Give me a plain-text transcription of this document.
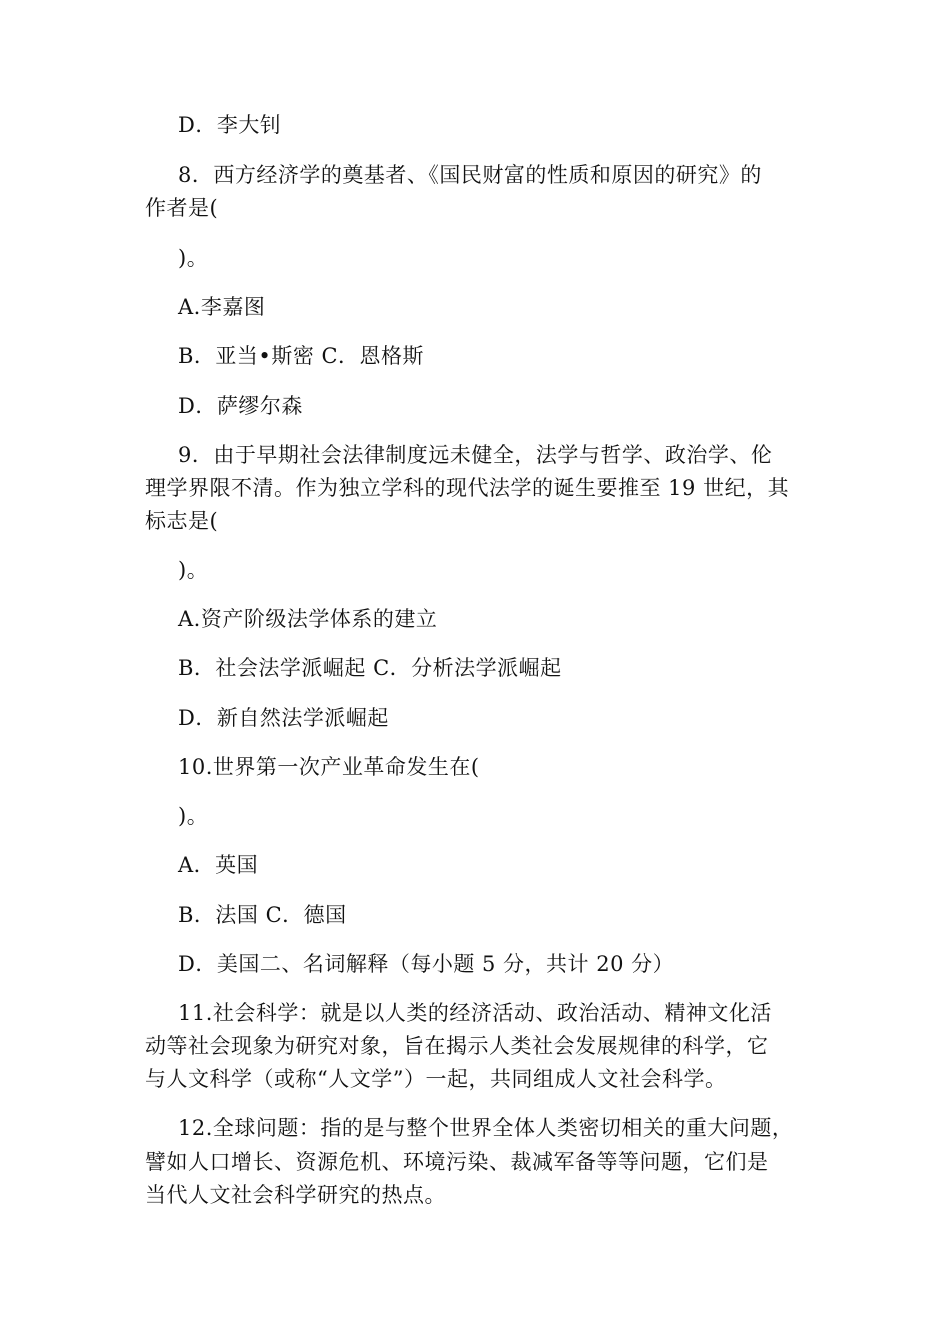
D．李大钊
8．西方经济学的奠基者、《国民财富的性质和原因的研究》的
作者是(
)。
A.李嘉图
B．亚当•斯密 C．恩格斯
D．萨缪尔森
9．由于早期社会法律制度远未健全，法学与哲学、政治学、伦
理学界限不清。作为独立学科的现代法学的诞生要推至 19 世纪，其
标志是(
)。
A.资产阶级法学体系的建立
B．社会法学派崛起 C．分析法学派崛起
D．新自然法学派崛起
10.世界第一次产业革命发生在(
)。
A．英国
B．法国 C．德国
D．美国二、名词解释（每小题 5 分，共计 20 分）
11.社会科学：就是以人类的经济活动、政治活动、精神文化活
动等社会现象为研究对象，旨在揭示人类社会发展规律的科学，它
与人文科学（或称“人文学”）一起，共同组成人文社会科学。
12.全球问题：指的是与整个世界全体人类密切相关的重大问题，
譬如人口增长、资源危机、环境污染、裁减军备等等问题，它们是
当代人文社会科学研究的热点。
